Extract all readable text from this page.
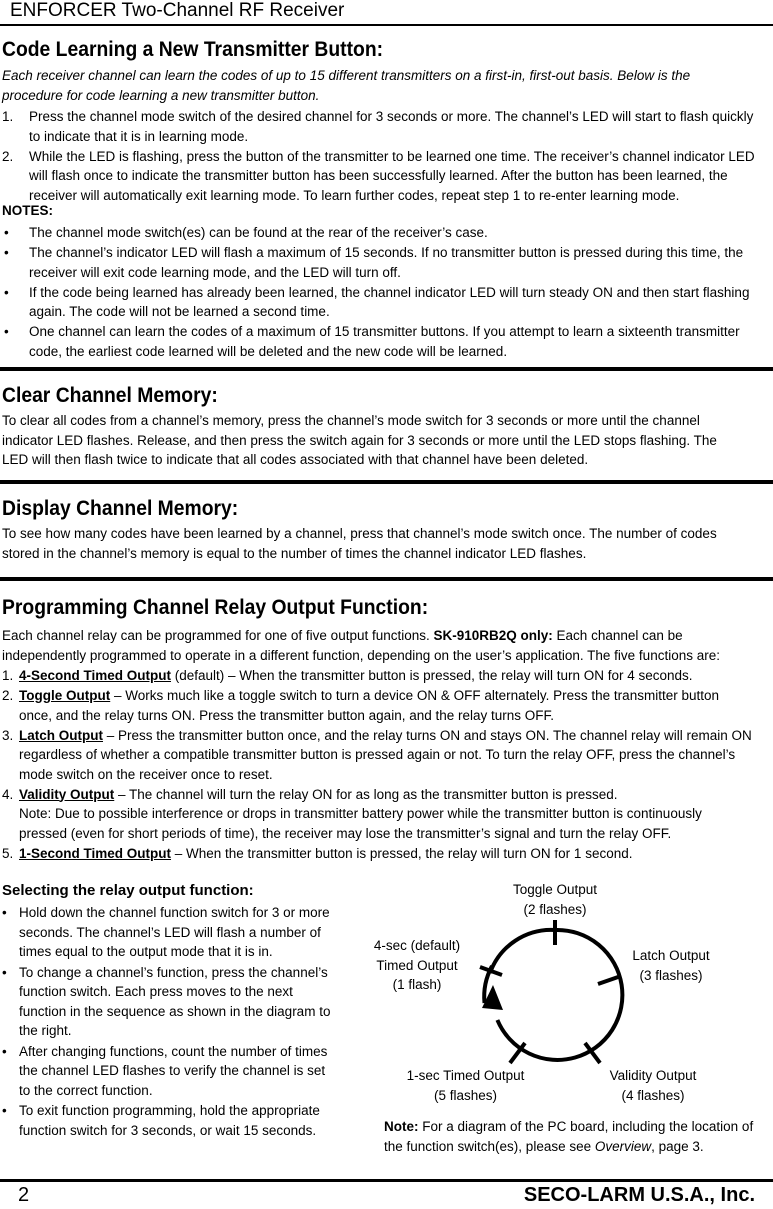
ENFORCER Two-Channel RF Receiver
Code Learning a New Transmitter Button:

Each receiver channel can learn the codes of up to 15 different transmitters on a first-in, first-out basis. Below is the procedure for code learning a new transmitter button.

1. Press the channel mode switch of the desired channel for 3 seconds or more. The channel’s LED will start to flash quickly to indicate that it is in learning mode.
2. While the LED is flashing, press the button of the transmitter to be learned one time. The receiver’s channel indicator LED will flash once to indicate the transmitter button has been successfully learned. After the button has been learned, the receiver will automatically exit learning mode. To learn further codes, repeat step 1 to re-enter learning mode.
NOTES:
• The channel mode switch(es) can be found at the rear of the receiver’s case.
• The channel’s indicator LED will flash a maximum of 15 seconds. If no transmitter button is pressed during this time, the receiver will exit code learning mode, and the LED will turn off.
• If the code being learned has already been learned, the channel indicator LED will turn steady ON and then start flashing again. The code will not be learned a second time.
• One channel can learn the codes of a maximum of 15 transmitter buttons. If you attempt to learn a sixteenth transmitter code, the earliest code learned will be deleted and the new code will be learned.
Clear Channel Memory:

To clear all codes from a channel’s memory, press the channel’s mode switch for 3 seconds or more until the channel indicator LED flashes. Release, and then press the switch again for 3 seconds or more until the LED stops flashing. The LED will then flash twice to indicate that all codes associated with that channel have been deleted.

Display Channel Memory:

To see how many codes have been learned by a channel, press that channel’s mode switch once. The number of codes stored in the channel’s memory is equal to the number of times the channel indicator LED flashes.

Programming Channel Relay Output Function:

Each channel relay can be programmed for one of five output functions. SK-910RB2Q only: Each channel can be independently programmed to operate in a different function, depending on the user’s application. The five functions are:

1. 4-Second Timed Output (default) – When the transmitter button is pressed, the relay will turn ON for 4 seconds.
2. Toggle Output – Works much like a toggle switch to turn a device ON & OFF alternately. Press the transmitter button once, and the relay turns ON. Press the transmitter button again, and the relay turns OFF.
3. Latch Output – Press the transmitter button once, and the relay turns ON and stays ON. The channel relay will remain ON regardless of whether a compatible transmitter button is pressed again or not. To turn the relay OFF, press the channel’s mode switch on the receiver once to reset.
4. Validity Output – The channel will turn the relay ON for as long as the transmitter button is pressed.
Note: Due to possible interference or drops in transmitter battery power while the transmitter button is continuously pressed (even for short periods of time), the receiver may lose the transmitter’s signal and turn the relay OFF.
5. 1-Second Timed Output – When the transmitter button is pressed, the relay will turn ON for 1 second.
Selecting the relay output function:
• Hold down the channel function switch for 3 or more seconds. The channel’s LED will flash a number of times equal to the output mode that it is in.
• To change a channel’s function, press the channel’s function switch. Each press moves to the next function in the sequence as shown in the diagram to the right.
• After changing functions, count the number of times the channel LED flashes to verify the channel is set to the correct function.
• To exit function programming, hold the appropriate function switch for 3 seconds, or wait 15 seconds.
Toggle Output
(2 flashes)
Latch Output
(3 flashes)
Validity Output
(4 flashes)
1-sec Timed Output
(5 flashes)
4-sec (default)
Timed Output
(1 flash)
Note: For a diagram of the PC board, including the location of the function switch(es), please see Overview, page 3.
2	SECO-LARM U.S.A., Inc.
